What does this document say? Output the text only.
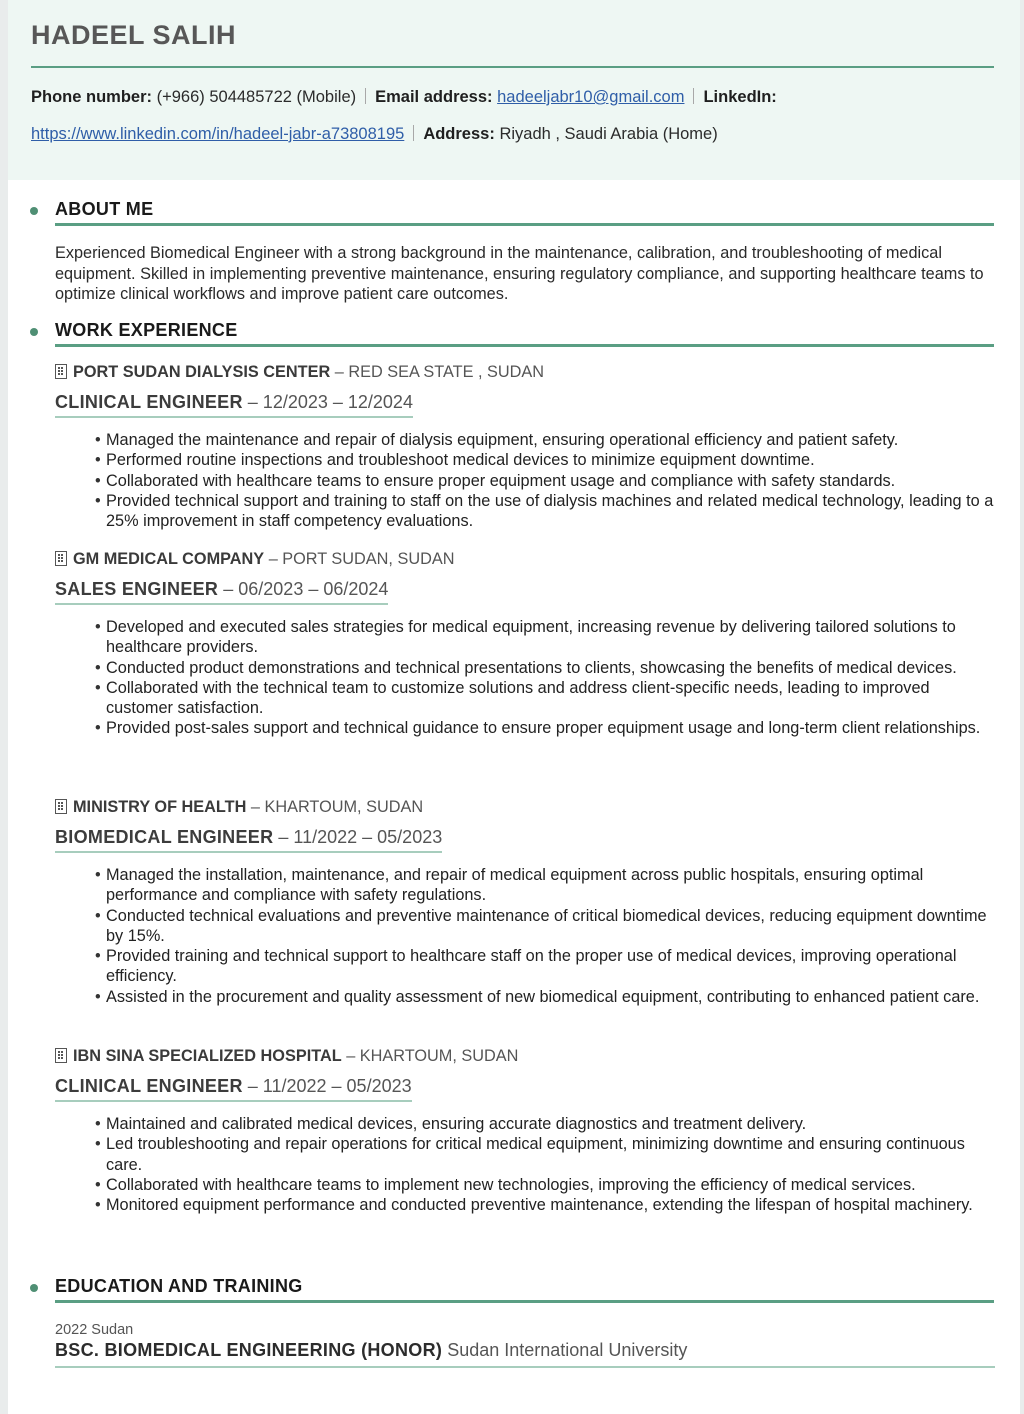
HADEEL SALIH
Phone number: (+966) 504485722 (Mobile) Email address: hadeeljabr10@gmail.com LinkedIn:
https://www.linkedin.com/in/hadeel-jabr-a73808195 Address: Riyadh , Saudi Arabia (Home)
ABOUT ME
Experienced Biomedical Engineer with a strong background in the maintenance, calibration, and troubleshooting of medical equipment. Skilled in implementing preventive maintenance, ensuring regulatory compliance, and supporting healthcare teams to optimize clinical workflows and improve patient care outcomes.
WORK EXPERIENCE
PORT SUDAN DIALYSIS CENTER – RED SEA STATE , SUDAN
CLINICAL ENGINEER – 12/2023 – 12/2024
• Managed the maintenance and repair of dialysis equipment, ensuring operational efficiency and patient safety.
• Performed routine inspections and troubleshoot medical devices to minimize equipment downtime.
• Collaborated with healthcare teams to ensure proper equipment usage and compliance with safety standards.
• Provided technical support and training to staff on the use of dialysis machines and related medical technology, leading to a 25% improvement in staff competency evaluations.
GM MEDICAL COMPANY – PORT SUDAN, SUDAN
SALES ENGINEER – 06/2023 – 06/2024
• Developed and executed sales strategies for medical equipment, increasing revenue by delivering tailored solutions to healthcare providers.
• Conducted product demonstrations and technical presentations to clients, showcasing the benefits of medical devices.
• Collaborated with the technical team to customize solutions and address client-specific needs, leading to improved customer satisfaction.
• Provided post-sales support and technical guidance to ensure proper equipment usage and long-term client relationships.
MINISTRY OF HEALTH – KHARTOUM, SUDAN
BIOMEDICAL ENGINEER – 11/2022 – 05/2023
• Managed the installation, maintenance, and repair of medical equipment across public hospitals, ensuring optimal performance and compliance with safety regulations.
• Conducted technical evaluations and preventive maintenance of critical biomedical devices, reducing equipment downtime by 15%.
• Provided training and technical support to healthcare staff on the proper use of medical devices, improving operational efficiency.
• Assisted in the procurement and quality assessment of new biomedical equipment, contributing to enhanced patient care.
IBN SINA SPECIALIZED HOSPITAL – KHARTOUM, SUDAN
CLINICAL ENGINEER – 11/2022 – 05/2023
• Maintained and calibrated medical devices, ensuring accurate diagnostics and treatment delivery.
• Led troubleshooting and repair operations for critical medical equipment, minimizing downtime and ensuring continuous care.
• Collaborated with healthcare teams to implement new technologies, improving the efficiency of medical services.
• Monitored equipment performance and conducted preventive maintenance, extending the lifespan of hospital machinery.
EDUCATION AND TRAINING
2022 Sudan
BSC. BIOMEDICAL ENGINEERING (HONOR) Sudan International University
